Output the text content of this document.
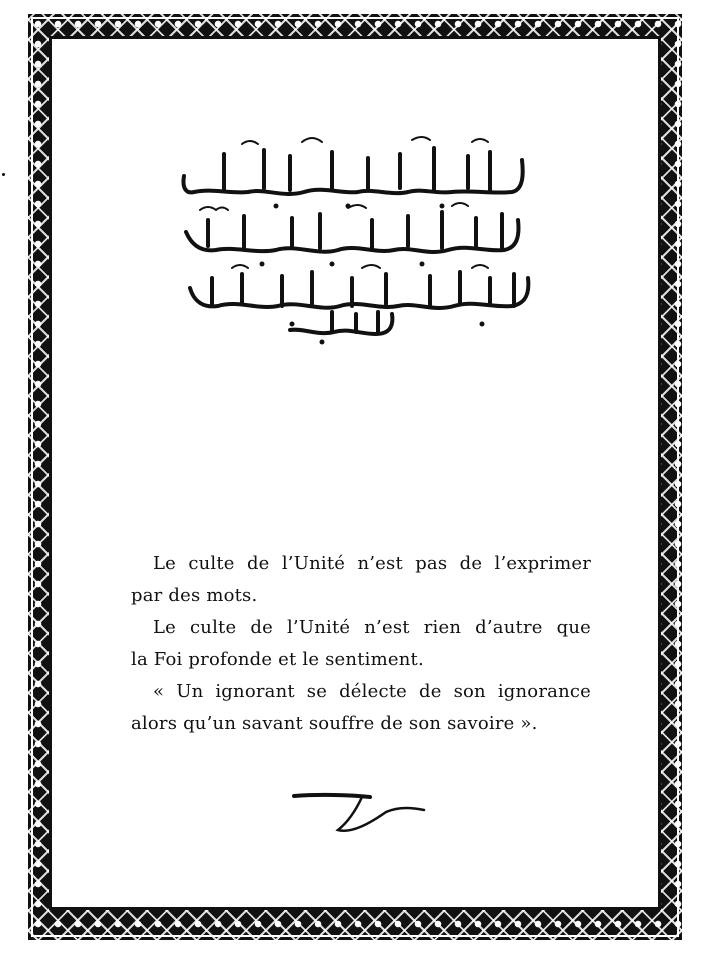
Le culte de l’Unité n’est pas de l’exprimer

par des mots.

Le culte de l’Unité n’est rien d’autre que

la Foi profonde et le sentiment.

« Un ignorant se délecte de son ignorance

alors qu’un savant souffre de son savoire ».
